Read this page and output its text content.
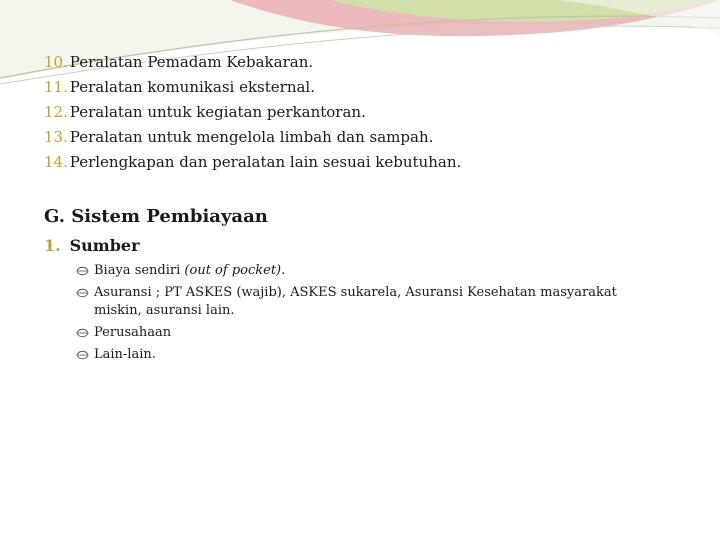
10. Peralatan Pemadam Kebakaran.
11. Peralatan komunikasi eksternal.
12. Peralatan untuk kegiatan perkantoran.
13. Peralatan untuk mengelola limbah dan sampah.
14. Perlengkapan dan peralatan lain sesuai kebutuhan.
G. Sistem Pembiayaan
1. Sumber
Biaya sendiri (out of pocket).
Asuransi ; PT ASKES (wajib), ASKES sukarela, Asuransi Kesehatan masyarakat
miskin, asuransi lain.
Perusahaan
Lain-lain.
